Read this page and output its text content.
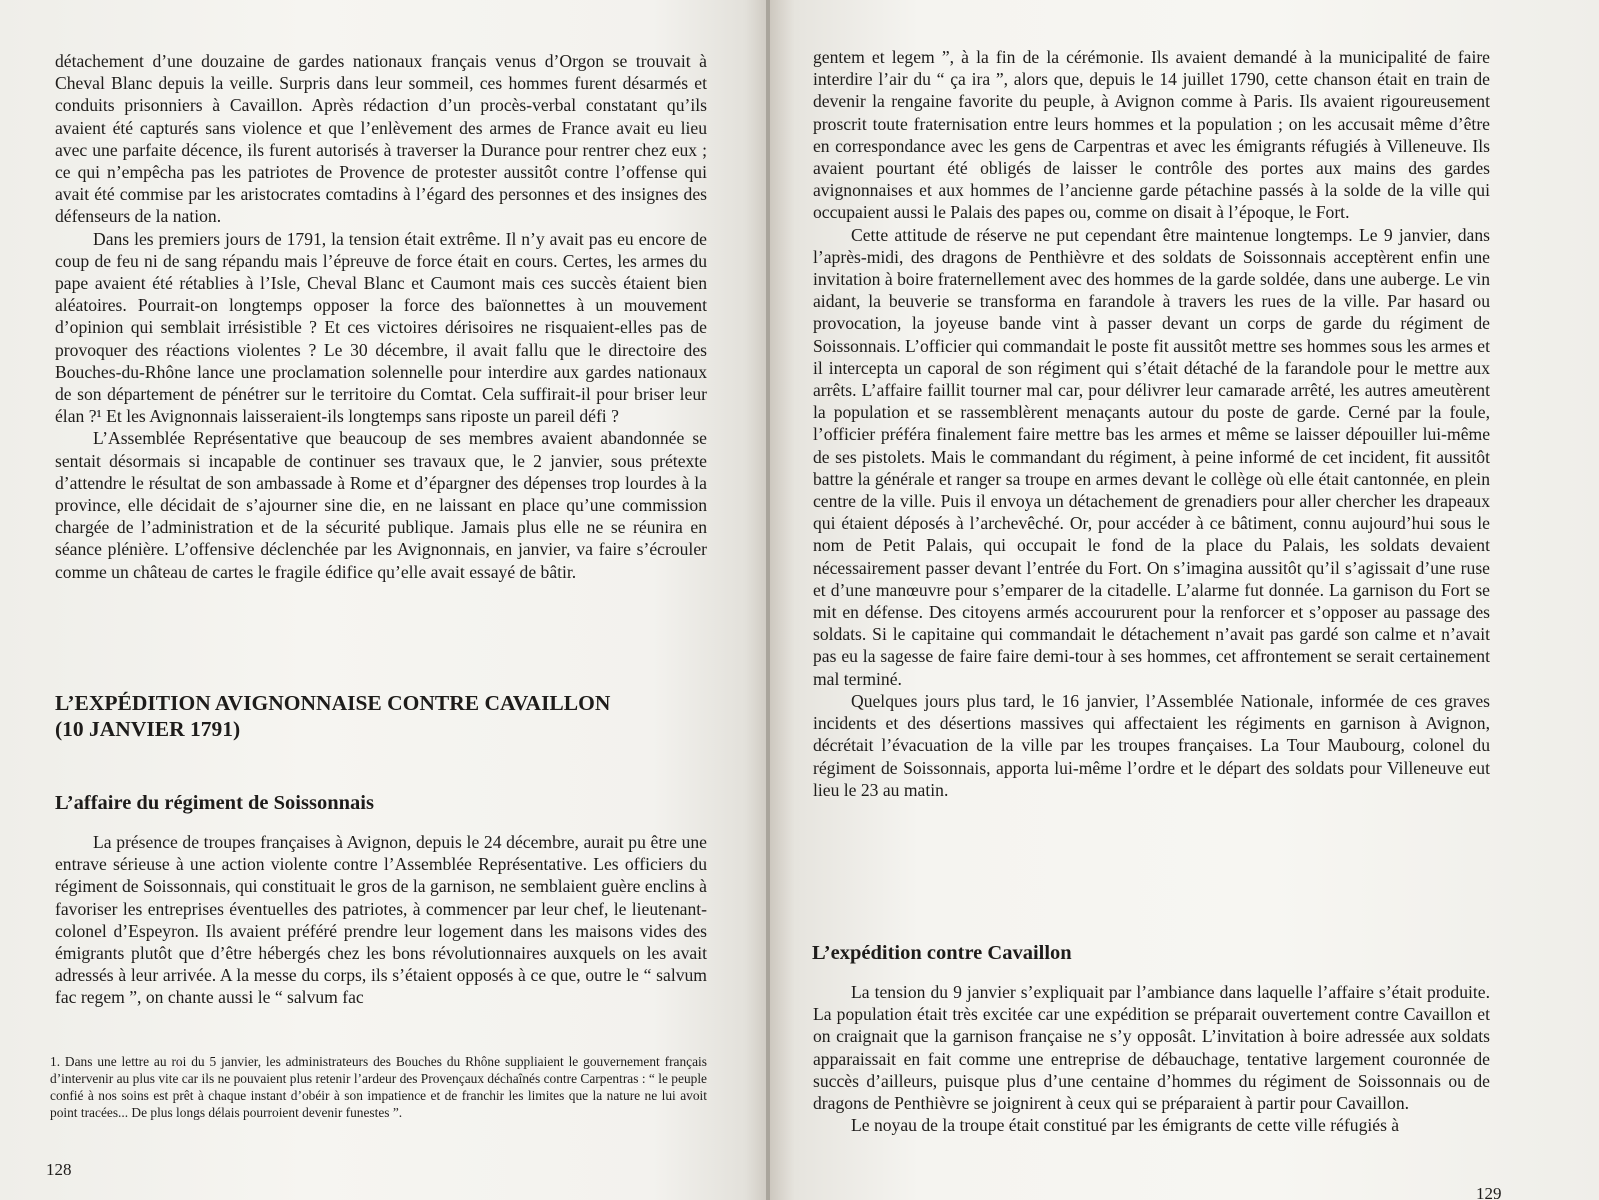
détachement d’une douzaine de gardes nationaux français venus d’Orgon se trouvait à Cheval Blanc depuis la veille. Surpris dans leur sommeil, ces hommes furent désarmés et conduits prisonniers à Cavaillon. Après rédaction d’un procès-verbal constatant qu’ils avaient été capturés sans violence et que l’enlèvement des armes de France avait eu lieu avec une parfaite décence, ils furent autorisés à traverser la Durance pour rentrer chez eux ; ce qui n’empêcha pas les patriotes de Provence de protester aussitôt contre l’offense qui avait été commise par les aristocrates comtadins à l’égard des personnes et des insignes des défenseurs de la nation.

Dans les premiers jours de 1791, la tension était extrême. Il n’y avait pas eu encore de coup de feu ni de sang répandu mais l’épreuve de force était en cours. Certes, les armes du pape avaient été rétablies à l’Isle, Cheval Blanc et Caumont mais ces succès étaient bien aléatoires. Pourrait-on longtemps opposer la force des baïonnettes à un mouvement d’opinion qui semblait irrésistible ? Et ces victoires dérisoires ne risquaient-elles pas de provoquer des réactions violentes ? Le 30 décembre, il avait fallu que le directoire des Bouches-du-Rhône lance une proclamation solennelle pour interdire aux gardes nationaux de son département de pénétrer sur le territoire du Comtat. Cela suffirait-il pour briser leur élan ?¹ Et les Avignonnais laisseraient-ils longtemps sans riposte un pareil défi ?

L’Assemblée Représentative que beaucoup de ses membres avaient abandonnée se sentait désormais si incapable de continuer ses travaux que, le 2 janvier, sous prétexte d’attendre le résultat de son ambassade à Rome et d’épargner des dépenses trop lourdes à la province, elle décidait de s’ajourner sine die, en ne laissant en place qu’une commission chargée de l’administration et de la sécurité publique. Jamais plus elle ne se réunira en séance plénière. L’offensive déclenchée par les Avignonnais, en janvier, va faire s’écrouler comme un château de cartes le fragile édifice qu’elle avait essayé de bâtir.

L’EXPÉDITION AVIGNONNAISE CONTRE CAVAILLON
(10 JANVIER 1791)
L’affaire du régiment de Soissonnais

La présence de troupes françaises à Avignon, depuis le 24 décembre, aurait pu être une entrave sérieuse à une action violente contre l’Assemblée Représentative. Les officiers du régiment de Soissonnais, qui constituait le gros de la garnison, ne semblaient guère enclins à favoriser les entreprises éventuelles des patriotes, à commencer par leur chef, le lieutenant-colonel d’Espeyron. Ils avaient préféré prendre leur logement dans les maisons vides des émigrants plutôt que d’être hébergés chez les bons révolutionnaires auxquels on les avait adressés à leur arrivée. A la messe du corps, ils s’étaient opposés à ce que, outre le “ salvum fac regem ”, on chante aussi le “ salvum fac

1. Dans une lettre au roi du 5 janvier, les administrateurs des Bouches du Rhône suppliaient le gouvernement français d’intervenir au plus vite car ils ne pouvaient plus retenir l’ardeur des Provençaux déchaînés contre Carpentras : “ le peuple confié à nos soins est prêt à chaque instant d’obéir à son impatience et de franchir les limites que la nature ne lui avoit point tracées... De plus longs délais pourroient devenir funestes ”.

128

gentem et legem ”, à la fin de la cérémonie. Ils avaient demandé à la municipalité de faire interdire l’air du “ ça ira ”, alors que, depuis le 14 juillet 1790, cette chanson était en train de devenir la rengaine favorite du peuple, à Avignon comme à Paris. Ils avaient rigoureusement proscrit toute fraternisation entre leurs hommes et la population ; on les accusait même d’être en correspondance avec les gens de Carpentras et avec les émigrants réfugiés à Villeneuve. Ils avaient pourtant été obligés de laisser le contrôle des portes aux mains des gardes avignonnaises et aux hommes de l’ancienne garde pétachine passés à la solde de la ville qui occupaient aussi le Palais des papes ou, comme on disait à l’époque, le Fort.

Cette attitude de réserve ne put cependant être maintenue longtemps. Le 9 janvier, dans l’après-midi, des dragons de Penthièvre et des soldats de Soissonnais acceptèrent enfin une invitation à boire fraternellement avec des hommes de la garde soldée, dans une auberge. Le vin aidant, la beuverie se transforma en farandole à travers les rues de la ville. Par hasard ou provocation, la joyeuse bande vint à passer devant un corps de garde du régiment de Soissonnais. L’officier qui commandait le poste fit aussitôt mettre ses hommes sous les armes et il intercepta un caporal de son régiment qui s’était détaché de la farandole pour le mettre aux arrêts. L’affaire faillit tourner mal car, pour délivrer leur camarade arrêté, les autres ameutèrent la population et se rassemblèrent menaçants autour du poste de garde. Cerné par la foule, l’officier préféra finalement faire mettre bas les armes et même se laisser dépouiller lui-même de ses pistolets. Mais le commandant du régiment, à peine informé de cet incident, fit aussitôt battre la générale et ranger sa troupe en armes devant le collège où elle était cantonnée, en plein centre de la ville. Puis il envoya un détachement de grenadiers pour aller chercher les drapeaux qui étaient déposés à l’archevêché. Or, pour accéder à ce bâtiment, connu aujourd’hui sous le nom de Petit Palais, qui occupait le fond de la place du Palais, les soldats devaient nécessairement passer devant l’entrée du Fort. On s’imagina aussitôt qu’il s’agissait d’une ruse et d’une manœuvre pour s’emparer de la citadelle. L’alarme fut donnée. La garnison du Fort se mit en défense. Des citoyens armés accoururent pour la renforcer et s’opposer au passage des soldats. Si le capitaine qui commandait le détachement n’avait pas gardé son calme et n’avait pas eu la sagesse de faire faire demi-tour à ses hommes, cet affrontement se serait certainement mal terminé.

Quelques jours plus tard, le 16 janvier, l’Assemblée Nationale, informée de ces graves incidents et des désertions massives qui affectaient les régiments en garnison à Avignon, décrétait l’évacuation de la ville par les troupes françaises. La Tour Maubourg, colonel du régiment de Soissonnais, apporta lui-même l’ordre et le départ des soldats pour Villeneuve eut lieu le 23 au matin.

L’expédition contre Cavaillon

La tension du 9 janvier s’expliquait par l’ambiance dans laquelle l’affaire s’était produite. La population était très excitée car une expédition se préparait ouvertement contre Cavaillon et on craignait que la garnison française ne s’y opposât. L’invitation à boire adressée aux soldats apparaissait en fait comme une entreprise de débauchage, tentative largement couronnée de succès d’ailleurs, puisque plus d’une centaine d’hommes du régiment de Soissonnais ou de dragons de Penthièvre se joignirent à ceux qui se préparaient à partir pour Cavaillon.

Le noyau de la troupe était constitué par les émigrants de cette ville réfugiés à

129
